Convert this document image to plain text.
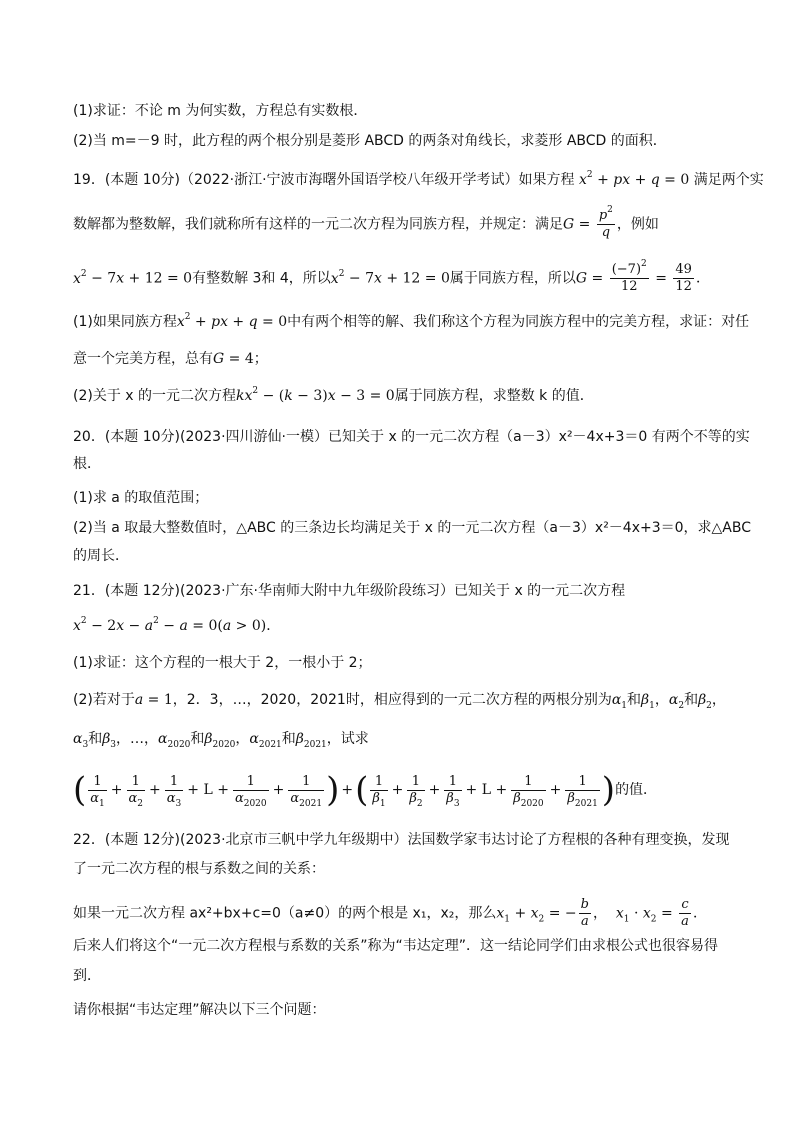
(1)求证：不论 m 为何实数，方程总有实数根．
(2)当 m=－9 时，此方程的两个根分别是菱形 ABCD 的两条对角线长，求菱形 ABCD 的面积．
19．(本题 10分)（2022·浙江·宁波市海曙外国语学校八年级开学考试）如果方程 $x^2$ + px + q = 0 满足两个实
数解都为整数解，我们就称所有这样的一元二次方程为同族方程，并规定：满足$G = \frac{p^2}{q}$ ，例如
$x^2 - 7x + 12 = 0$有整数解 3和 4，所以$x^2 - 7x + 12 = 0$属于同族方程，所以$G = \frac{(-7)^2}{12} = \frac{49}{12}$ ．
(1)如果同族方程$x^2$ + px + q = 0中有两个相等的解、我们称这个方程为同族方程中的完美方程，求证：对任
意一个完美方程，总有G = 4；
(2)关于 x 的一元二次方程$kx^2 - (k - 3)x - 3 = 0$属于同族方程，求整数 k 的值．
20．(本题 10分)(2023·四川游仙·一模）已知关于 x 的一元二次方程（a－3）x²－4x+3＝0 有两个不等的实
根．
(1)求 a 的取值范围；
(2)当 a 取最大整数值时，△ABC 的三条边长均满足关于 x 的一元二次方程（a－3）x²－4x+3＝0，求△ABC
的周长．
21．(本题 12分)(2023·广东·华南师大附中九年级阶段练习）已知关于 x 的一元二次方程
$x^2 - 2x - a^2 - a = 0(a > 0)$．
(1)求证：这个方程的一根大于 2，一根小于 2；
(2)若对于a = 1，2．3，…，2020，2021时，相应得到的一元二次方程的两根分别为$\alpha_1$和$\beta_1$，$\alpha_2$和$\beta_2$，
$\alpha_3$和$\beta_3$，…，$\alpha_{2020}$和$\beta_{2020}$，$\alpha_{2021}$和$\beta_{2021}$，试求
( $\frac{1}{\alpha_1} + \frac{1}{\alpha_2} + \frac{1}{\alpha_3} + L + \frac{1}{\alpha_{2020}} + \frac{1}{\alpha_{2021}}$ ) +( $\frac{1}{\beta_1} + \frac{1}{\beta_2} + \frac{1}{\beta_3} + L + \frac{1}{\beta_{2020}} + \frac{1}{\beta_{2021}}$ )的值．
22．(本题 12分)(2023·北京市三帆中学九年级期中）法国数学家韦达讨论了方程根的各种有理变换，发现
了一元二次方程的根与系数之间的关系：
如果一元二次方程 ax²+bx+c=0（a≠0）的两个根是 x₁，x₂，那么$x_1 + x_2$ = − $\frac{b}{a}$ ，  $x_1 \cdot x_2 = \frac{c}{a}$ ．
后来人们将这个“一元二次方程根与系数的关系”称为“韦达定理”．这一结论同学们由求根公式也很容易得
到．
请你根据“韦达定理”解决以下三个问题：
